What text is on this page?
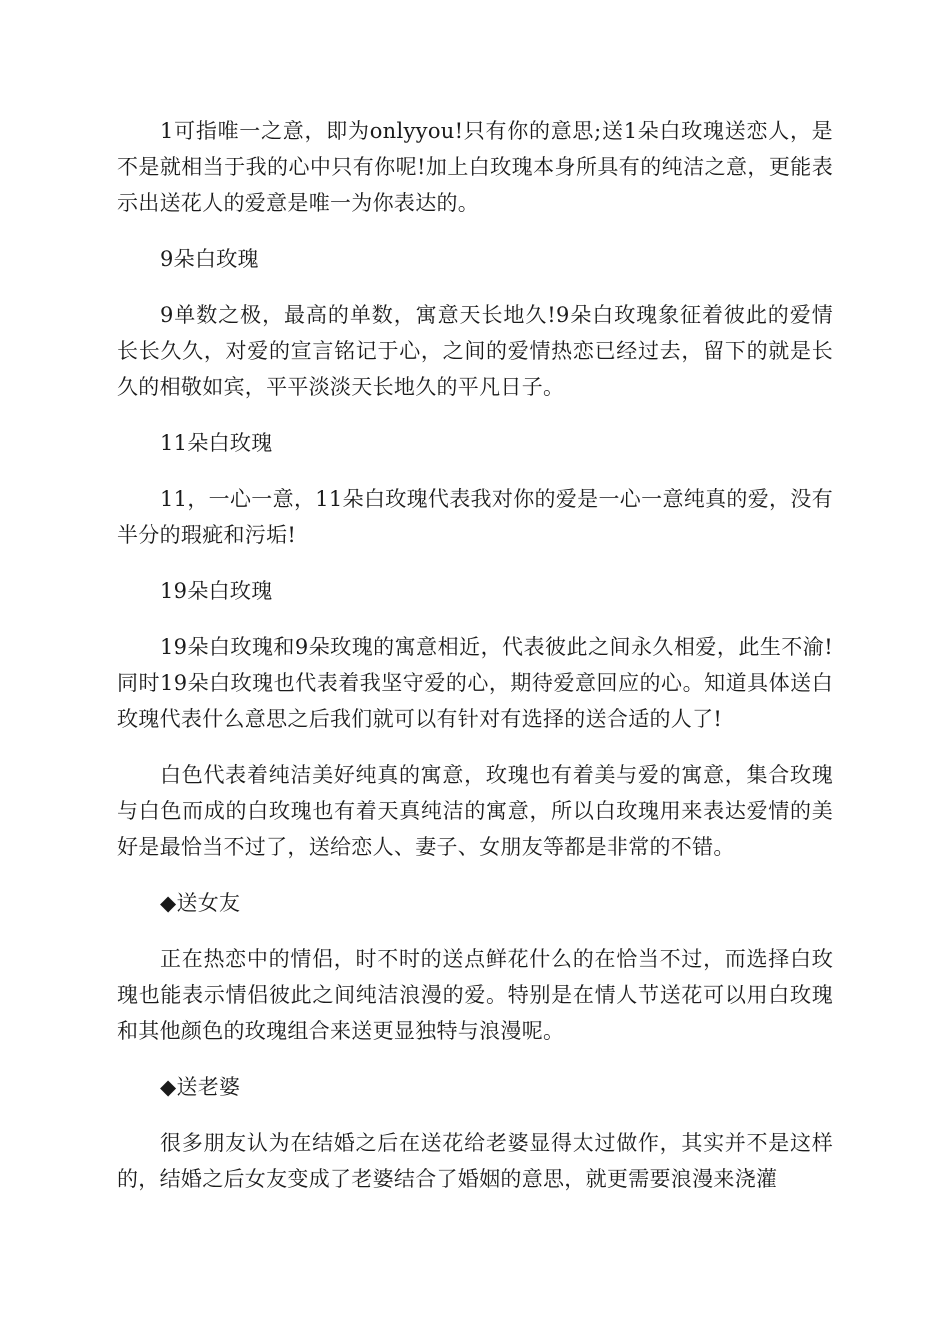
1可指唯一之意，即为onlyyou!只有你的意思;送1朵白玫瑰送恋人，是不是就相当于我的心中只有你呢!加上白玫瑰本身所具有的纯洁之意，更能表示出送花人的爱意是唯一为你表达的。

9朵白玫瑰

9单数之极，最高的单数，寓意天长地久!9朵白玫瑰象征着彼此的爱情长长久久，对爱的宣言铭记于心，之间的爱情热恋已经过去，留下的就是长久的相敬如宾，平平淡淡天长地久的平凡日子。

11朵白玫瑰

11，一心一意，11朵白玫瑰代表我对你的爱是一心一意纯真的爱，没有半分的瑕疵和污垢!

19朵白玫瑰

19朵白玫瑰和9朵玫瑰的寓意相近，代表彼此之间永久相爱，此生不渝!同时19朵白玫瑰也代表着我坚守爱的心，期待爱意回应的心。知道具体送白玫瑰代表什么意思之后我们就可以有针对有选择的送合适的人了!

白色代表着纯洁美好纯真的寓意，玫瑰也有着美与爱的寓意，集合玫瑰与白色而成的白玫瑰也有着天真纯洁的寓意，所以白玫瑰用来表达爱情的美好是最恰当不过了，送给恋人、妻子、女朋友等都是非常的不错。

◆送女友

正在热恋中的情侣，时不时的送点鲜花什么的在恰当不过，而选择白玫瑰也能表示情侣彼此之间纯洁浪漫的爱。特别是在情人节送花可以用白玫瑰和其他颜色的玫瑰组合来送更显独特与浪漫呢。

◆送老婆

很多朋友认为在结婚之后在送花给老婆显得太过做作，其实并不是这样的，结婚之后女友变成了老婆结合了婚姻的意思，就更需要浪漫来浇灌
